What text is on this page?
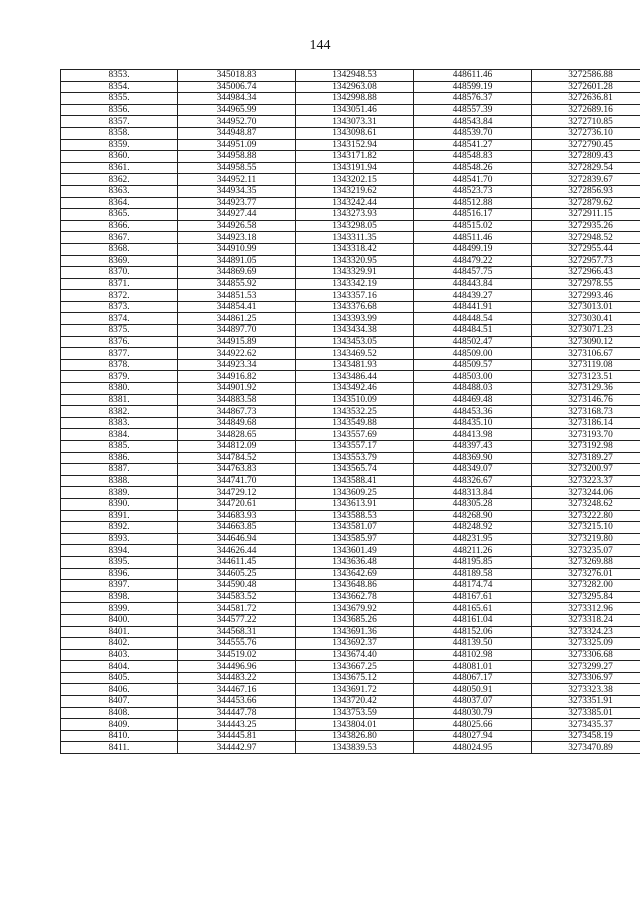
144
8353.	345018.83	1342948.53	448611.46	3272586.88
8354.	345006.74	1342963.08	448599.19	3272601.28
8355.	344984.34	1342998.88	448576.37	3272636.81
8356.	344965.99	1343051.46	448557.39	3272689.16
8357.	344952.70	1343073.31	448543.84	3272710.85
8358.	344948.87	1343098.61	448539.70	3272736.10
8359.	344951.09	1343152.94	448541.27	3272790.45
8360.	344958.88	1343171.82	448548.83	3272809.43
8361.	344958.55	1343191.94	448548.26	3272829.54
8362.	344952.11	1343202.15	448541.70	3272839.67
8363.	344934.35	1343219.62	448523.73	3272856.93
8364.	344923.77	1343242.44	448512.88	3272879.62
8365.	344927.44	1343273.93	448516.17	3272911.15
8366.	344926.58	1343298.05	448515.02	3272935.26
8367.	344923.18	1343311.35	448511.46	3272948.52
8368.	344910.99	1343318.42	448499.19	3272955.44
8369.	344891.05	1343320.95	448479.22	3272957.73
8370.	344869.69	1343329.91	448457.75	3272966.43
8371.	344855.92	1343342.19	448443.84	3272978.55
8372.	344851.53	1343357.16	448439.27	3272993.46
8373.	344854.41	1343376.68	448441.91	3273013.01
8374.	344861.25	1343393.99	448448.54	3273030.41
8375.	344897.70	1343434.38	448484.51	3273071.23
8376.	344915.89	1343453.05	448502.47	3273090.12
8377.	344922.62	1343469.52	448509.00	3273106.67
8378.	344923.34	1343481.93	448509.57	3273119.08
8379.	344916.82	1343486.44	448503.00	3273123.51
8380.	344901.92	1343492.46	448488.03	3273129.36
8381.	344883.58	1343510.09	448469.48	3273146.76
8382.	344867.73	1343532.25	448453.36	3273168.73
8383.	344849.68	1343549.88	448435.10	3273186.14
8384.	344828.65	1343557.69	448413.98	3273193.70
8385.	344812.09	1343557.17	448397.43	3273192.98
8386.	344784.52	1343553.79	448369.90	3273189.27
8387.	344763.83	1343565.74	448349.07	3273200.97
8388.	344741.70	1343588.41	448326.67	3273223.37
8389.	344729.12	1343609.25	448313.84	3273244.06
8390.	344720.61	1343613.91	448305.28	3273248.62
8391.	344683.93	1343588.53	448268.90	3273222.80
8392.	344663.85	1343581.07	448248.92	3273215.10
8393.	344646.94	1343585.97	448231.95	3273219.80
8394.	344626.44	1343601.49	448211.26	3273235.07
8395.	344611.45	1343636.48	448195.85	3273269.88
8396.	344605.25	1343642.69	448189.58	3273276.01
8397.	344590.48	1343648.86	448174.74	3273282.00
8398.	344583.52	1343662.78	448167.61	3273295.84
8399.	344581.72	1343679.92	448165.61	3273312.96
8400.	344577.22	1343685.26	448161.04	3273318.24
8401.	344568.31	1343691.36	448152.06	3273324.23
8402.	344555.76	1343692.37	448139.50	3273325.09
8403.	344519.02	1343674.40	448102.98	3273306.68
8404.	344496.96	1343667.25	448081.01	3273299.27
8405.	344483.22	1343675.12	448067.17	3273306.97
8406.	344467.16	1343691.72	448050.91	3273323.38
8407.	344453.66	1343720.42	448037.07	3273351.91
8408.	344447.78	1343753.59	448030.79	3273385.01
8409.	344443.25	1343804.01	448025.66	3273435.37
8410.	344445.81	1343826.80	448027.94	3273458.19
8411.	344442.97	1343839.53	448024.95	3273470.89
